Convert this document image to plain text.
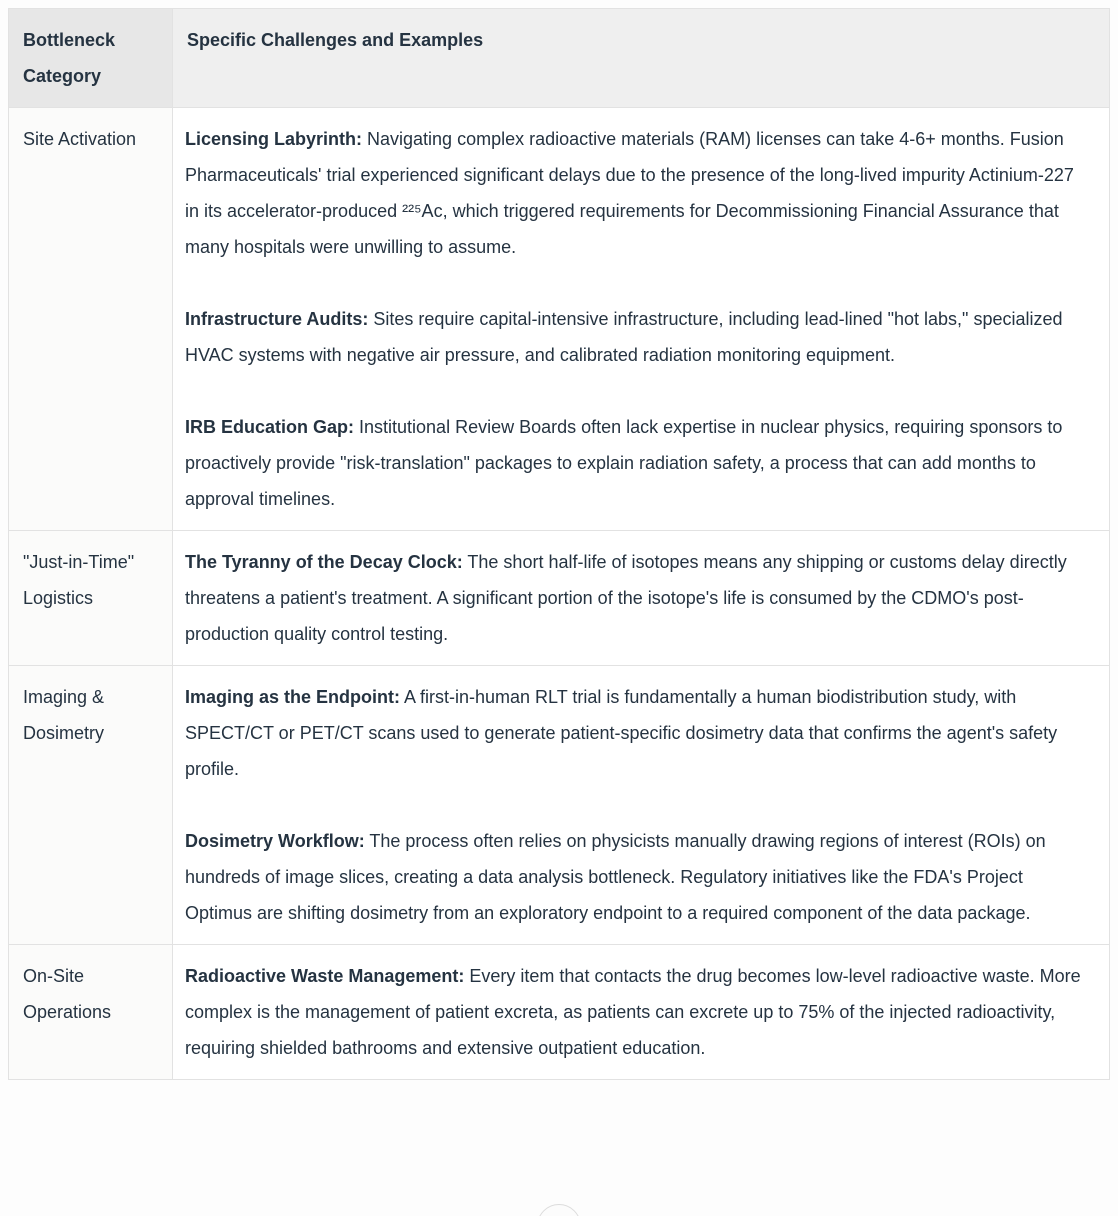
Bottleneck Category	Specific Challenges and Examples
Site Activation	Licensing Labyrinth: Navigating complex radioactive materials (RAM) licenses can take 4-6+ months. Fusion Pharmaceuticals' trial experienced significant delays due to the presence of the long-lived impurity Actinium-227 in its accelerator-produced ²²⁵Ac, which triggered requirements for Decommissioning Financial Assurance that many hospitals were unwilling to assume.

Infrastructure Audits: Sites require capital-intensive infrastructure, including lead-lined "hot labs," specialized HVAC systems with negative air pressure, and calibrated radiation monitoring equipment.

IRB Education Gap: Institutional Review Boards often lack expertise in nuclear physics, requiring sponsors to proactively provide "risk-translation" packages to explain radiation safety, a process that can add months to approval timelines.

"Just-in-Time" Logistics	The Tyranny of the Decay Clock: The short half-life of isotopes means any shipping or customs delay directly threatens a patient's treatment. A significant portion of the isotope's life is consumed by the CDMO's post-production quality control testing.

Imaging & Dosimetry	Imaging as the Endpoint: A first-in-human RLT trial is fundamentally a human biodistribution study, with SPECT/CT or PET/CT scans used to generate patient-specific dosimetry data that confirms the agent's safety profile.

Dosimetry Workflow: The process often relies on physicists manually drawing regions of interest (ROIs) on hundreds of image slices, creating a data analysis bottleneck. Regulatory initiatives like the FDA's Project Optimus are shifting dosimetry from an exploratory endpoint to a required component of the data package.

On-Site Operations	Radioactive Waste Management: Every item that contacts the drug becomes low-level radioactive waste. More complex is the management of patient excreta, as patients can excrete up to 75% of the injected radioactivity, requiring shielded bathrooms and extensive outpatient education.
